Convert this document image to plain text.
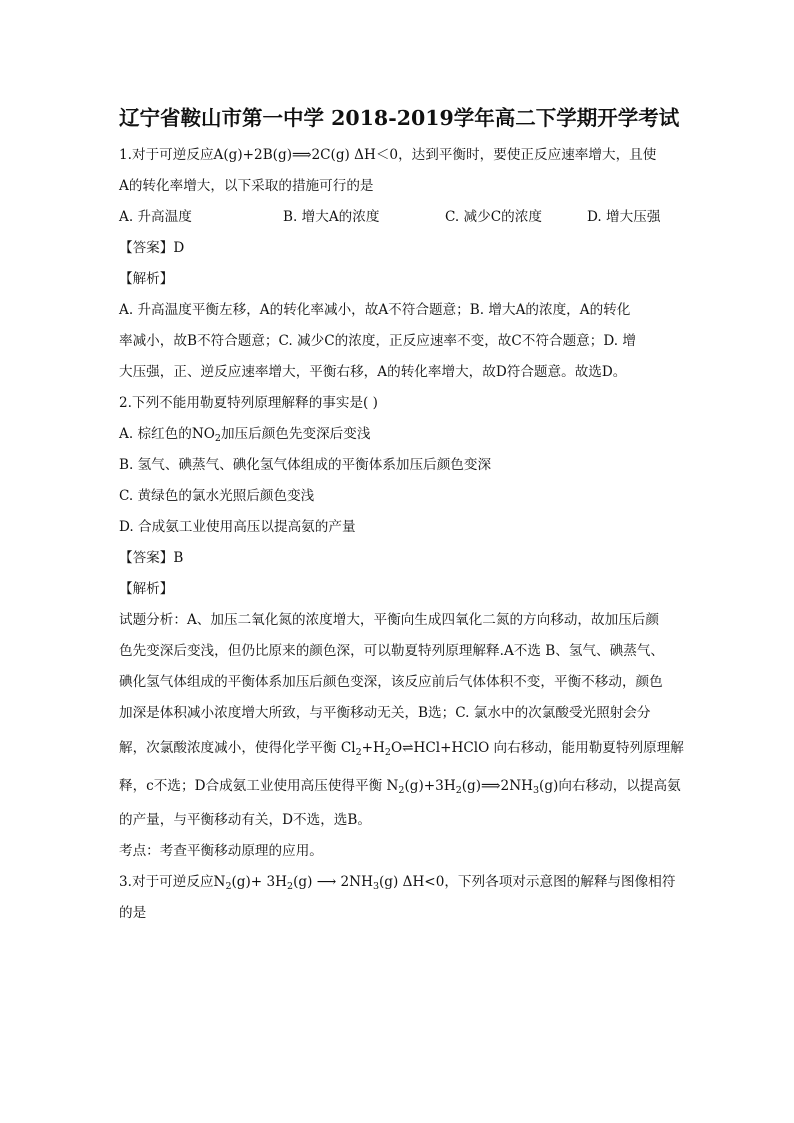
辽宁省鞍山市第一中学 2018-2019学年高二下学期开学考试
1.对于可逆反应A(g)+2B(g)⟹2C(g) ΔH＜0，达到平衡时，要使正反应速率增大，且使
A的转化率增大，以下采取的措施可行的是
A. 升高温度	B. 增大A的浓度	C. 减少C的浓度	D. 增大压强
【答案】D
【解析】
A. 升高温度平衡左移，A的转化率减小，故A不符合题意；B. 增大A的浓度，A的转化
率减小，故B不符合题意；C. 减少C的浓度，正反应速率不变，故C不符合题意；D. 增
大压强，正、逆反应速率增大，平衡右移，A的转化率增大，故D符合题意。故选D。
2.下列不能用勒夏特列原理解释的事实是( )
A. 棕红色的$NO_2$加压后颜色先变深后变浅
B. 氢气、碘蒸气、碘化氢气体组成的平衡体系加压后颜色变深
C. 黄绿色的氯水光照后颜色变浅
D. 合成氨工业使用高压以提高氨的产量
【答案】B
【解析】
试题分析：A、加压二氧化氮的浓度增大，平衡向生成四氧化二氮的方向移动，故加压后颜
色先变深后变浅，但仍比原来的颜色深，可以勒夏特列原理解释.A不选 B、氢气、碘蒸气、
碘化氢气体组成的平衡体系加压后颜色变深，该反应前后气体体积不变，平衡不移动，颜色
加深是体积减小浓度增大所致，与平衡移动无关，B选；C. 氯水中的次氯酸受光照射会分
解，次氯酸浓度减小，使得化学平衡 $Cl_2+H_2O\rightleftharpoons HCl+HClO$ 向右移动，能用勒夏特列原理解
释，c不选；D合成氨工业使用高压使得平衡 $N_2(g)+3H_2(g)⟹2NH_3(g)$向右移动，以提高氨
的产量，与平衡移动有关，D不选，选B。
考点：考查平衡移动原理的应用。
3.对于可逆反应$N_2(g)+ 3H_2(g)$ ⟶ $2NH_3(g)$ ΔH<0，下列各项对示意图的解释与图像相符
的是
